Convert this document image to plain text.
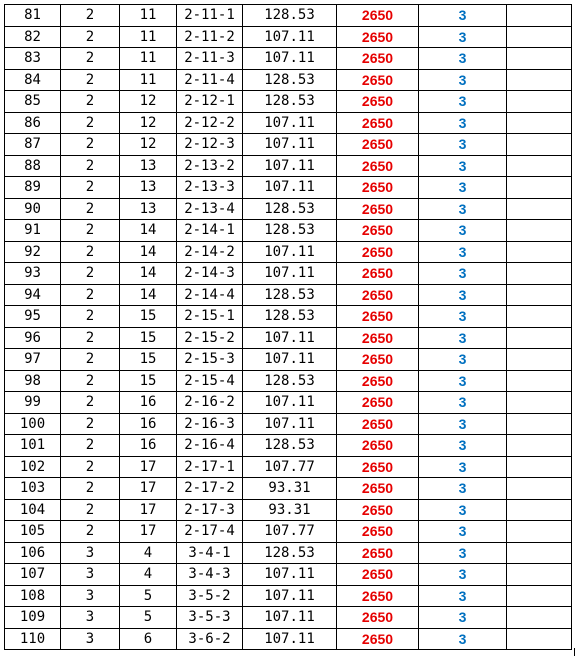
81	2	11	2-11-1	128.53	2650	3	
82	2	11	2-11-2	107.11	2650	3	
83	2	11	2-11-3	107.11	2650	3	
84	2	11	2-11-4	128.53	2650	3	
85	2	12	2-12-1	128.53	2650	3	
86	2	12	2-12-2	107.11	2650	3	
87	2	12	2-12-3	107.11	2650	3	
88	2	13	2-13-2	107.11	2650	3	
89	2	13	2-13-3	107.11	2650	3	
90	2	13	2-13-4	128.53	2650	3	
91	2	14	2-14-1	128.53	2650	3	
92	2	14	2-14-2	107.11	2650	3	
93	2	14	2-14-3	107.11	2650	3	
94	2	14	2-14-4	128.53	2650	3	
95	2	15	2-15-1	128.53	2650	3	
96	2	15	2-15-2	107.11	2650	3	
97	2	15	2-15-3	107.11	2650	3	
98	2	15	2-15-4	128.53	2650	3	
99	2	16	2-16-2	107.11	2650	3	
100	2	16	2-16-3	107.11	2650	3	
101	2	16	2-16-4	128.53	2650	3	
102	2	17	2-17-1	107.77	2650	3	
103	2	17	2-17-2	93.31	2650	3	
104	2	17	2-17-3	93.31	2650	3	
105	2	17	2-17-4	107.77	2650	3	
106	3	4	3-4-1	128.53	2650	3	
107	3	4	3-4-3	107.11	2650	3	
108	3	5	3-5-2	107.11	2650	3	
109	3	5	3-5-3	107.11	2650	3	
110	3	6	3-6-2	107.11	2650	3	
